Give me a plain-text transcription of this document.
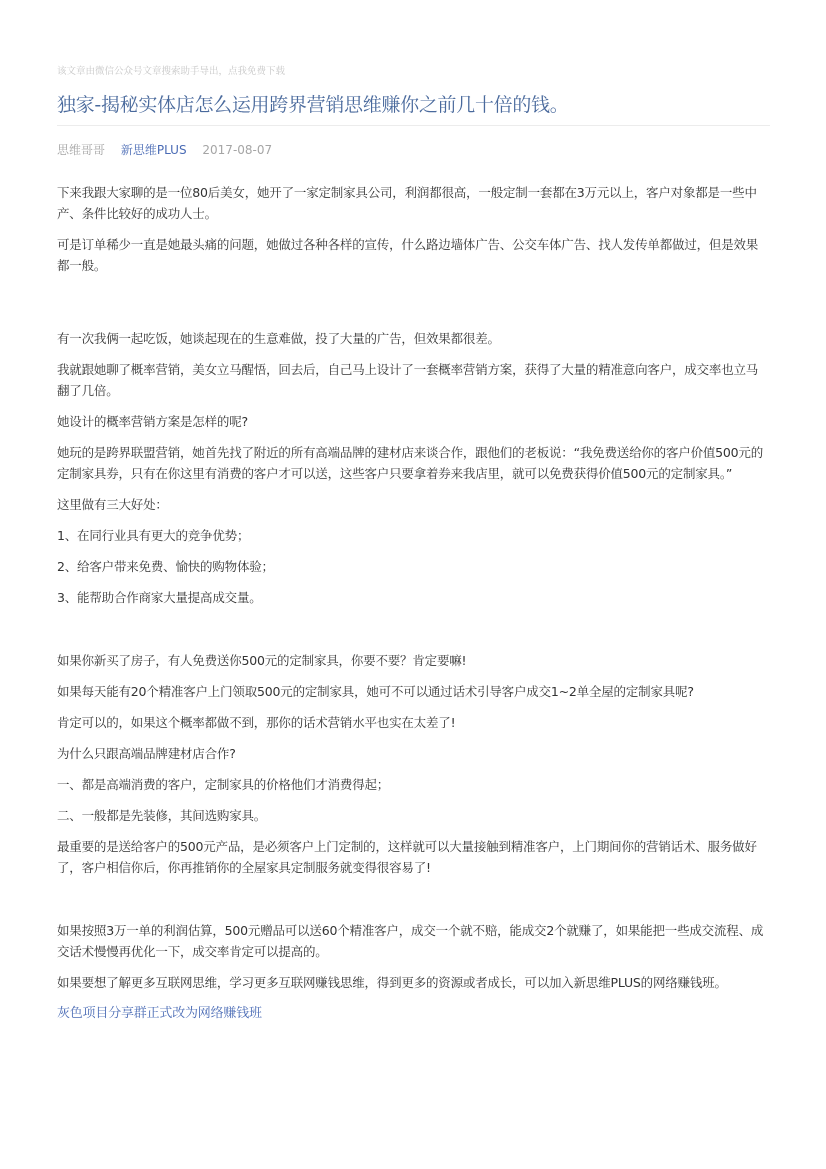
该文章由微信公众号文章搜索助手导出，点我免费下载
独家-揭秘实体店怎么运用跨界营销思维赚你之前几十倍的钱。
思维哥哥 新思维PLUS 2017-08-07

下来我跟大家聊的是一位80后美女，她开了一家定制家具公司，利润都很高，一般定制一套都在3万元以上，客户对象都是一些中产、条件比较好的成功人士。

可是订单稀少一直是她最头痛的问题，她做过各种各样的宣传，什么路边墙体广告、公交车体广告、找人发传单都做过，但是效果都一般。

有一次我俩一起吃饭，她谈起现在的生意难做，投了大量的广告，但效果都很差。

我就跟她聊了概率营销，美女立马醒悟，回去后，自己马上设计了一套概率营销方案，获得了大量的精准意向客户，成交率也立马翻了几倍。

她设计的概率营销方案是怎样的呢?

她玩的是跨界联盟营销，她首先找了附近的所有高端品牌的建材店来谈合作，跟他们的老板说：“我免费送给你的客户价值500元的定制家具券，只有在你这里有消费的客户才可以送，这些客户只要拿着券来我店里，就可以免费获得价值500元的定制家具。”

这里做有三大好处：

1、在同行业具有更大的竞争优势；

2、给客户带来免费、愉快的购物体验；

3、能帮助合作商家大量提高成交量。

如果你新买了房子，有人免费送你500元的定制家具，你要不要？肯定要嘛!

如果每天能有20个精准客户上门领取500元的定制家具，她可不可以通过话术引导客户成交1~2单全屋的定制家具呢?

肯定可以的，如果这个概率都做不到，那你的话术营销水平也实在太差了!

为什么只跟高端品牌建材店合作?

一、都是高端消费的客户，定制家具的价格他们才消费得起；

二、一般都是先装修，其间选购家具。

最重要的是送给客户的500元产品，是必须客户上门定制的，这样就可以大量接触到精准客户，上门期间你的营销话术、服务做好了，客户相信你后，你再推销你的全屋家具定制服务就变得很容易了!

如果按照3万一单的利润估算，500元赠品可以送60个精准客户，成交一个就不赔，能成交2个就赚了，如果能把一些成交流程、成交话术慢慢再优化一下，成交率肯定可以提高的。

如果要想了解更多互联网思维，学习更多互联网赚钱思维，得到更多的资源或者成长，可以加入新思维PLUS的网络赚钱班。

灰色项目分享群正式改为网络赚钱班
